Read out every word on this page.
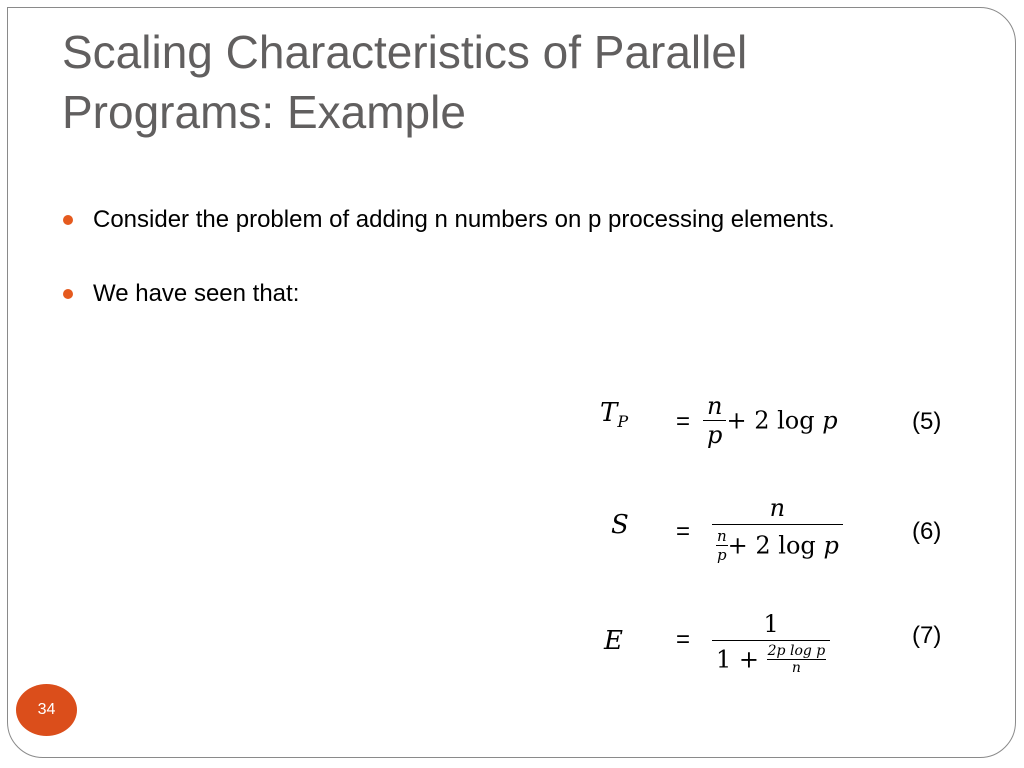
Scaling Characteristics of Parallel
Programs: Example
Consider the problem of adding n numbers on p processing elements.
We have seen that:
$T_P = \frac{n}{p} + 2$ log p	(5)
$S = \frac{n}{\frac{n}{p} + 2 \log p}$	(6)
$E = \frac{1}{1 + \frac{\text{2p log p}}{n}}$	(7)
34
